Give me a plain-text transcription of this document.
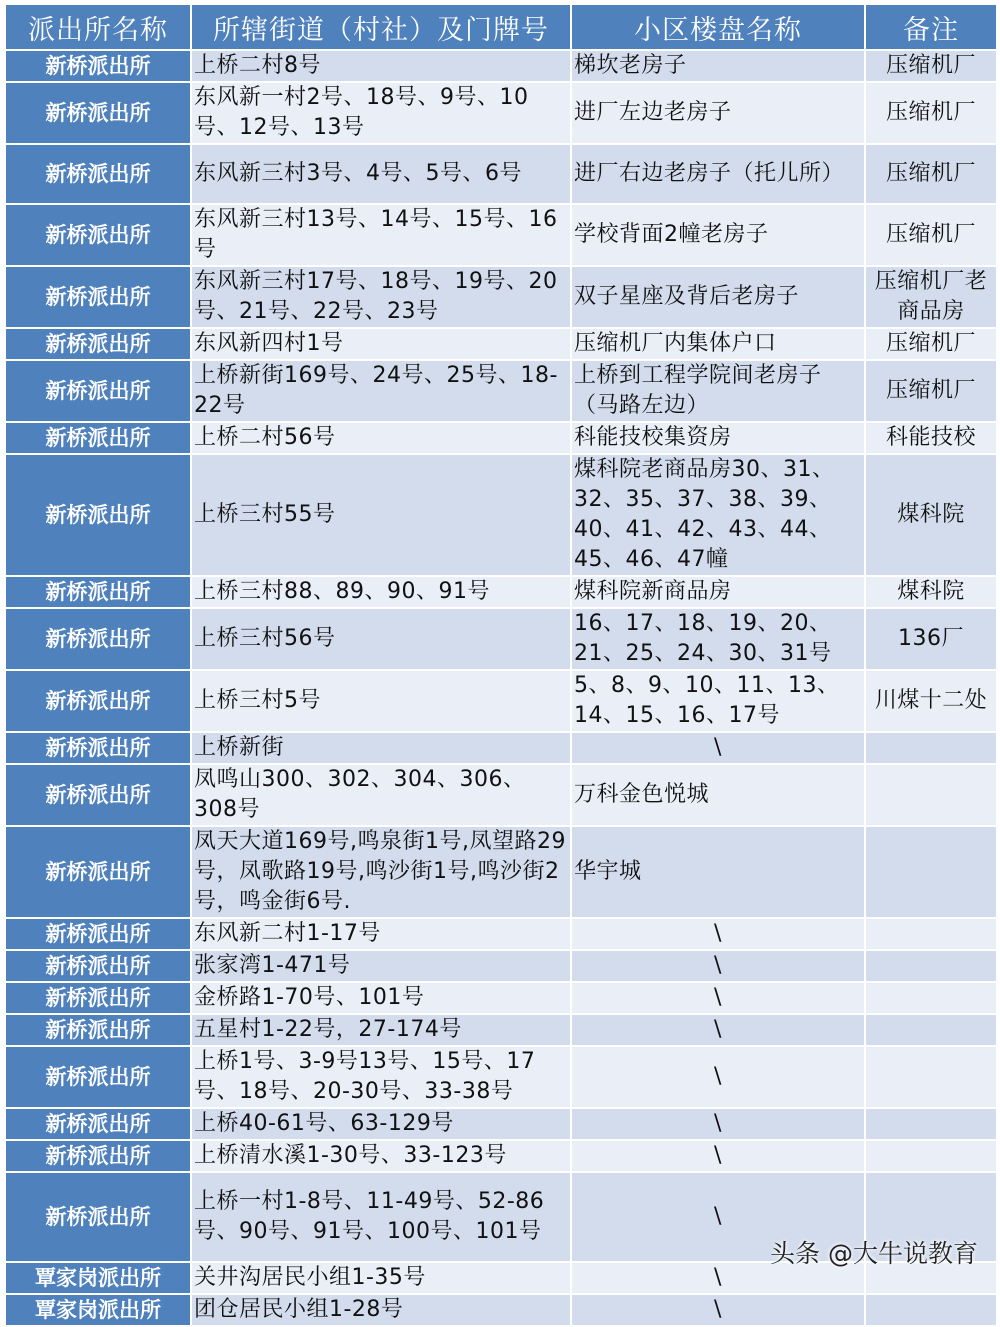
派出所名称	所辖街道（村社）及门牌号	小区楼盘名称	备注
新桥派出所	上桥二村8号	梯坎老房子	压缩机厂
新桥派出所	东风新一村2号、18号、9号、10号、12号、13号	进厂左边老房子	压缩机厂
新桥派出所	东风新三村3号、4号、5号、6号	进厂右边老房子（托儿所）	压缩机厂
新桥派出所	东风新三村13号、14号、15号、16号	学校背面2幢老房子	压缩机厂
新桥派出所	东风新三村17号、18号、19号、20号、21号、22号、23号	双子星座及背后老房子	压缩机厂老商品房
新桥派出所	东风新四村1号	压缩机厂内集体户口	压缩机厂
新桥派出所	上桥新街169号、24号、25号、18-22号	上桥到工程学院间老房子（马路左边）	压缩机厂
新桥派出所	上桥二村56号	科能技校集资房	科能技校
新桥派出所	上桥三村55号	煤科院老商品房30、31、32、35、37、38、39、40、41、42、43、44、45、46、47幢	煤科院
新桥派出所	上桥三村88、89、90、91号	煤科院新商品房	煤科院
新桥派出所	上桥三村56号	16、17、18、19、20、21、25、24、30、31号	136厂
新桥派出所	上桥三村5号	5、8、9、10、11、13、14、15、16、17号	川煤十二处
新桥派出所	上桥新街	\	
新桥派出所	凤鸣山300、302、304、306、308号	万科金色悦城	
新桥派出所	凤天大道169号,鸣泉街1号,凤望路29号，凤歌路19号,鸣沙街1号,鸣沙街2号，鸣金街6号.	华宇城	
新桥派出所	东风新二村1-17号	\	
新桥派出所	张家湾1-471号	\	
新桥派出所	金桥路1-70号、101号	\	
新桥派出所	五星村1-22号，27-174号	\	
新桥派出所	上桥1号、3-9号13号、15号、17号、18号、20-30号、33-38号	\	
新桥派出所	上桥40-61号、63-129号	\	
新桥派出所	上桥清水溪1-30号、33-123号	\	
新桥派出所	上桥一村1-8号、11-49号、52-86号、90号、91号、100号、101号	\	
覃家岗派出所	关井沟居民小组1-35号	\	
覃家岗派出所	团仓居民小组1-28号	\	
头条 @大牛说教育
